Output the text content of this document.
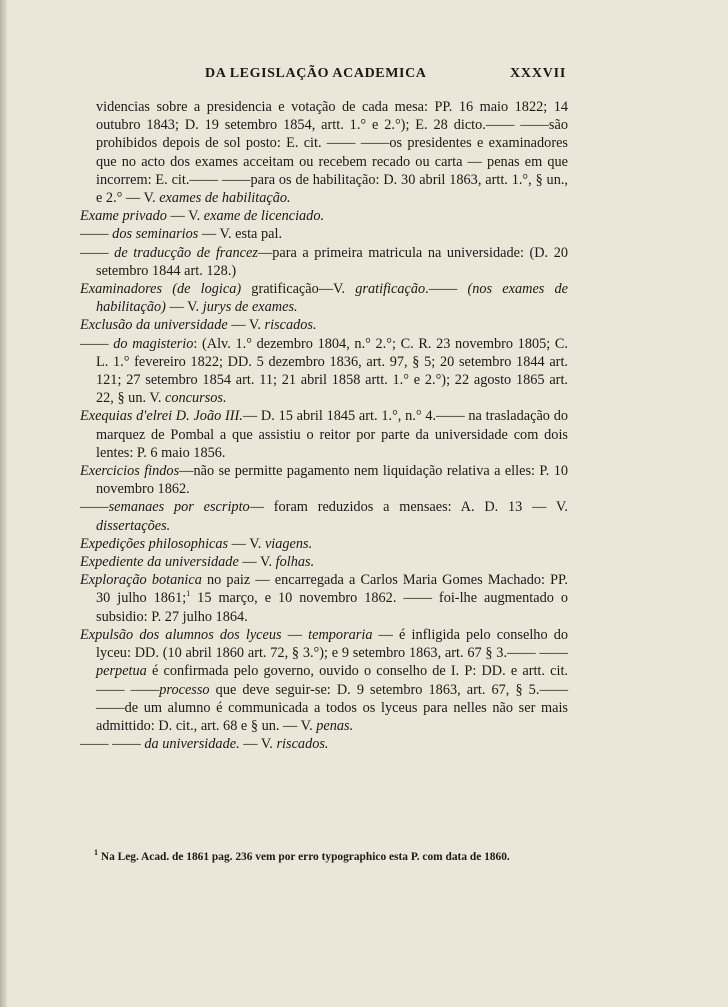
DA LEGISLAÇÃO ACADEMICA	XXXVII

videncias sobre a presidencia e votação de cada mesa: PP. 16 maio 1822; 14 outubro 1843; D. 19 setembro 1854, artt. 1.° e 2.°); E. 28 dicto.—— ——são prohibidos depois de sol posto: E. cit. —— ——os presidentes e examinadores que no acto dos exames acceitam ou recebem recado ou carta — penas em que incorrem: E. cit.—— ——para os de habilitação: D. 30 abril 1863, artt. 1.°, § un., e 2.° — V. exames de habilitação.

Exame privado — V. exame de licenciado.

—— dos seminarios — V. esta pal.

—— de traducção de francez—para a primeira matricula na universidade: (D. 20 setembro 1844 art. 128.)

Examinadores (de logica) gratificação—V. gratificação.—— (nos exames de habilitação) — V. jurys de exames.

Exclusão da universidade — V. riscados.

—— do magisterio: (Alv. 1.° dezembro 1804, n.° 2.°; C. R. 23 novembro 1805; C. L. 1.° fevereiro 1822; DD. 5 dezembro 1836, art. 97, § 5; 20 setembro 1844 art. 121; 27 setembro 1854 art. 11; 21 abril 1858 artt. 1.° e 2.°); 22 agosto 1865 art. 22, § un. V. concursos.

Exequias d'elrei D. João III.— D. 15 abril 1845 art. 1.°, n.° 4.—— na trasladação do marquez de Pombal a que assistiu o reitor por parte da universidade com dois lentes: P. 6 maio 1856.

Exercicios findos—não se permitte pagamento nem liquidação relativa a elles: P. 10 novembro 1862.

——semanaes por escripto— foram reduzidos a mensaes: A. D. 13 — V. dissertações.

Expedições philosophicas — V. viagens.

Expediente da universidade — V. folhas.

Exploração botanica no paiz — encarregada a Carlos Maria Gomes Machado: PP. 30 julho 1861;$^1$ 15 março, e 10 novembro 1862. —— foi-lhe augmentado o subsidio: P. 27 julho 1864.

Expulsão dos alumnos dos lyceus — temporaria — é infligida pelo conselho do lyceu: DD. (10 abril 1860 art. 72, § 3.°); e 9 setembro 1863, art. 67 § 3.—— ——perpetua é confirmada pelo governo, ouvido o conselho de I. P: DD. e artt. cit. —— ——processo que deve seguir-se: D. 9 setembro 1863, art. 67, § 5.—— ——de um alumno é communicada a todos os lyceus para nelles não ser mais admittido: D. cit., art. 68 e § un. — V. penas.

—— —— da universidade. — V. riscados.

$^1$ Na Leg. Acad. de 1861 pag. 236 vem por erro typographico esta P. com data de 1860.
